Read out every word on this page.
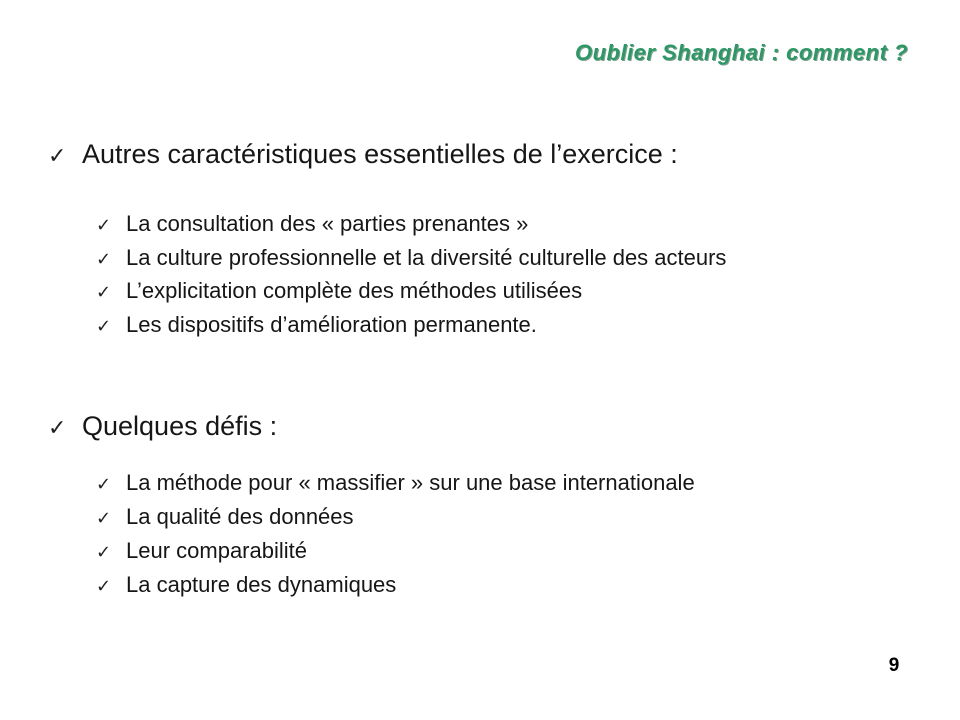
Oublier Shanghai : comment ?
✓ Autres caractéristiques essentielles de l’exercice :
✓ La consultation des « parties prenantes »
✓ La culture professionnelle et la diversité culturelle des acteurs
✓ L’explicitation complète des méthodes utilisées
✓ Les dispositifs d’amélioration permanente.
✓ Quelques défis :
✓ La méthode pour « massifier » sur une base internationale
✓ La qualité des données
✓ Leur comparabilité
✓ La capture des dynamiques
9
